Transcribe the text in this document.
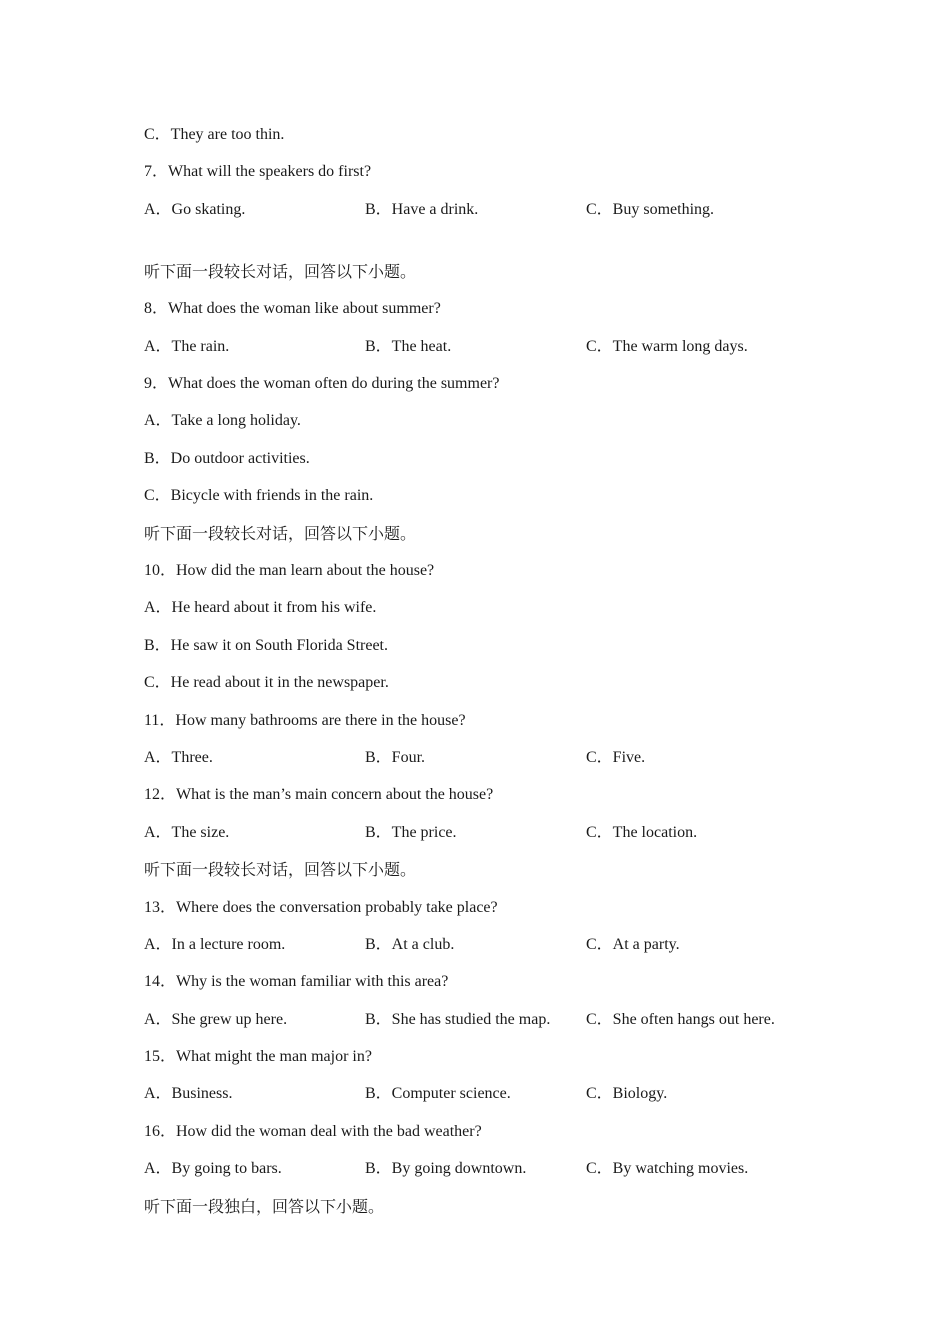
C．They are too thin.
7．What will the speakers do first?
A．Go skating.	B．Have a drink.	C．Buy something.
听下面一段较长对话，回答以下小题。
8．What does the woman like about summer?
A．The rain.	B．The heat.	C．The warm long days.
9．What does the woman often do during the summer?
A．Take a long holiday.
B．Do outdoor activities.
C．Bicycle with friends in the rain.
听下面一段较长对话，回答以下小题。
10．How did the man learn about the house?
A．He heard about it from his wife.
B．He saw it on South Florida Street.
C．He read about it in the newspaper.
11．How many bathrooms are there in the house?
A．Three.	B．Four.	C．Five.
12．What is the man’s main concern about the house?
A．The size.	B．The price.	C．The location.
听下面一段较长对话，回答以下小题。
13．Where does the conversation probably take place?
A．In a lecture room.	B．At a club.	C．At a party.
14．Why is the woman familiar with this area?
A．She grew up here.	B．She has studied the map. C．She often hangs out here.
15．What might the man major in?
A．Business.	B．Computer science.	C．Biology.
16．How did the woman deal with the bad weather?
A．By going to bars.	B．By going downtown.	C．By watching movies.
听下面一段独白，回答以下小题。
